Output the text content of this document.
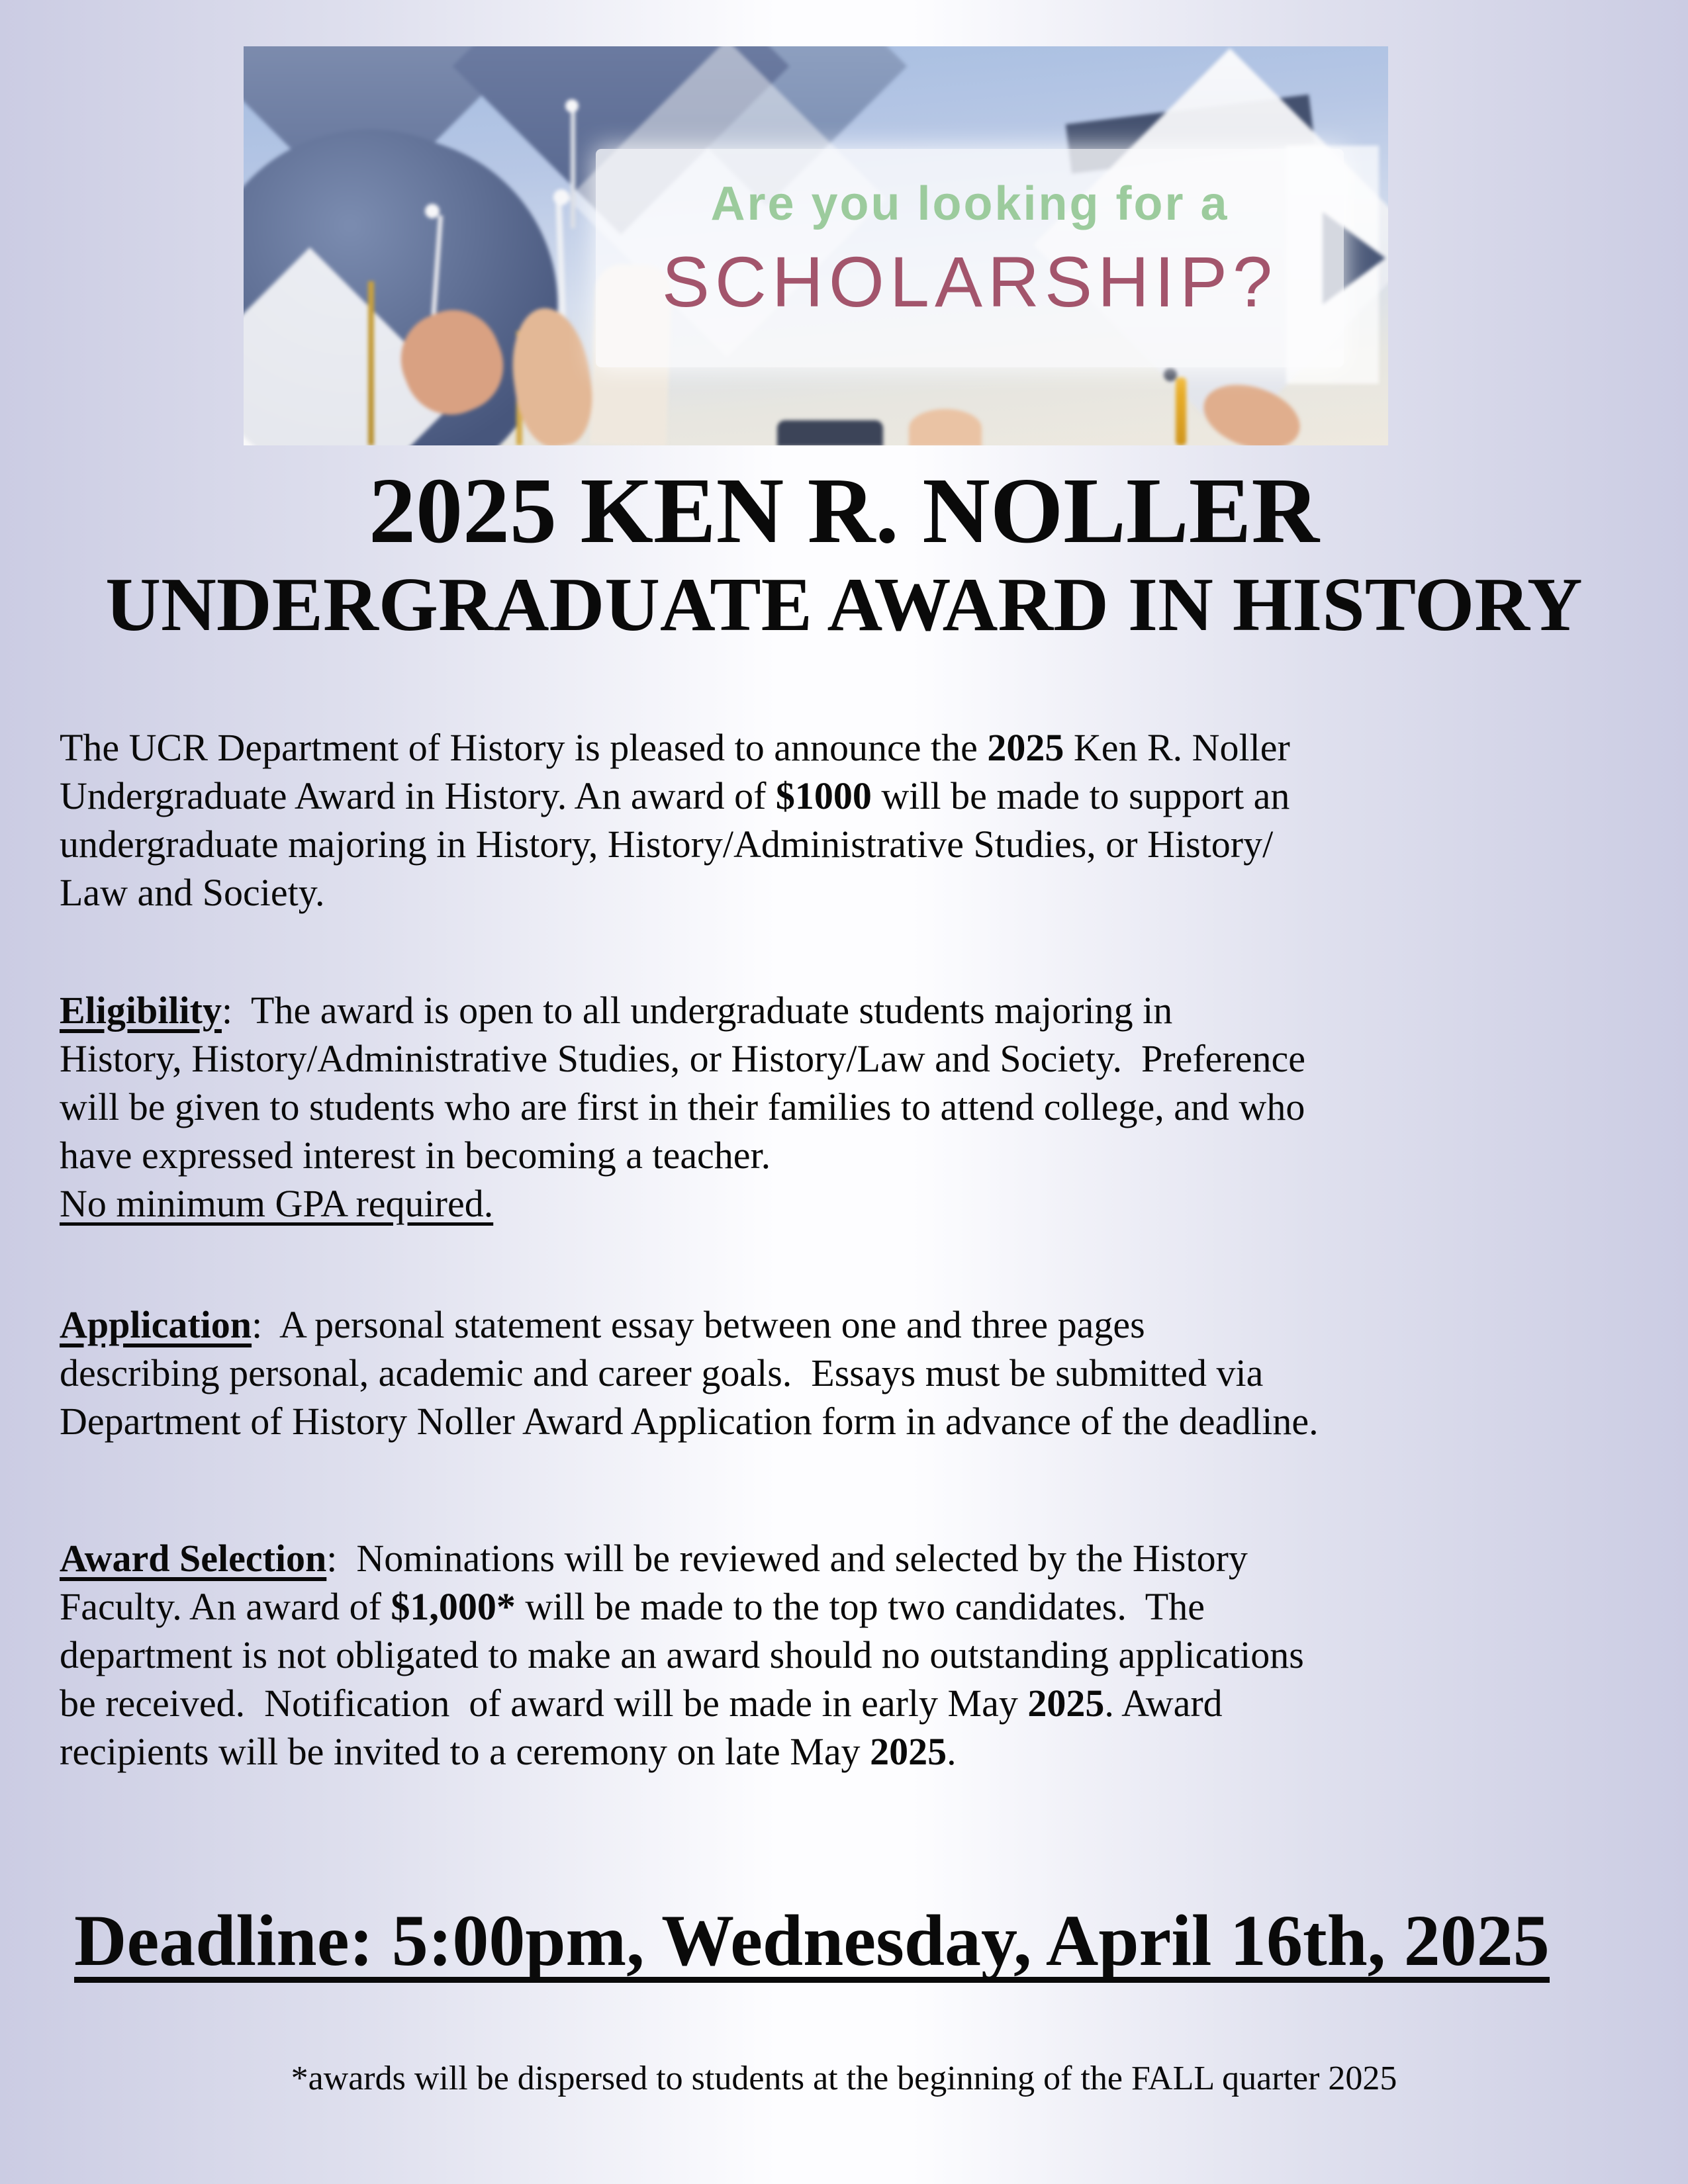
Are you looking for a
SCHOLARSHIP?
2025 KEN R. NOLLER
UNDERGRADUATE AWARD IN HISTORY
The UCR Department of History is pleased to announce the 2025 Ken R. Noller
Undergraduate Award in History. An award of $1000 will be made to support an
undergraduate majoring in History, History/Administrative Studies, or History/
Law and Society.
Eligibility:  The award is open to all undergraduate students majoring in
History, History/Administrative Studies, or History/Law and Society.  Preference
will be given to students who are first in their families to attend college, and who
have expressed interest in becoming a teacher.
No minimum GPA required.
Application:  A personal statement essay between one and three pages
describing personal, academic and career goals.  Essays must be submitted via
Department of History Noller Award Application form in advance of the deadline.
Award Selection:  Nominations will be reviewed and selected by the History
Faculty. An award of $1,000* will be made to the top two candidates.  The
department is not obligated to make an award should no outstanding applications
be received.  Notification  of award will be made in early May 2025. Award
recipients will be invited to a ceremony on late May 2025.
Deadline: 5:00pm, Wednesday, April 16th, 2025
*awards will be dispersed to students at the beginning of the FALL quarter 2025
